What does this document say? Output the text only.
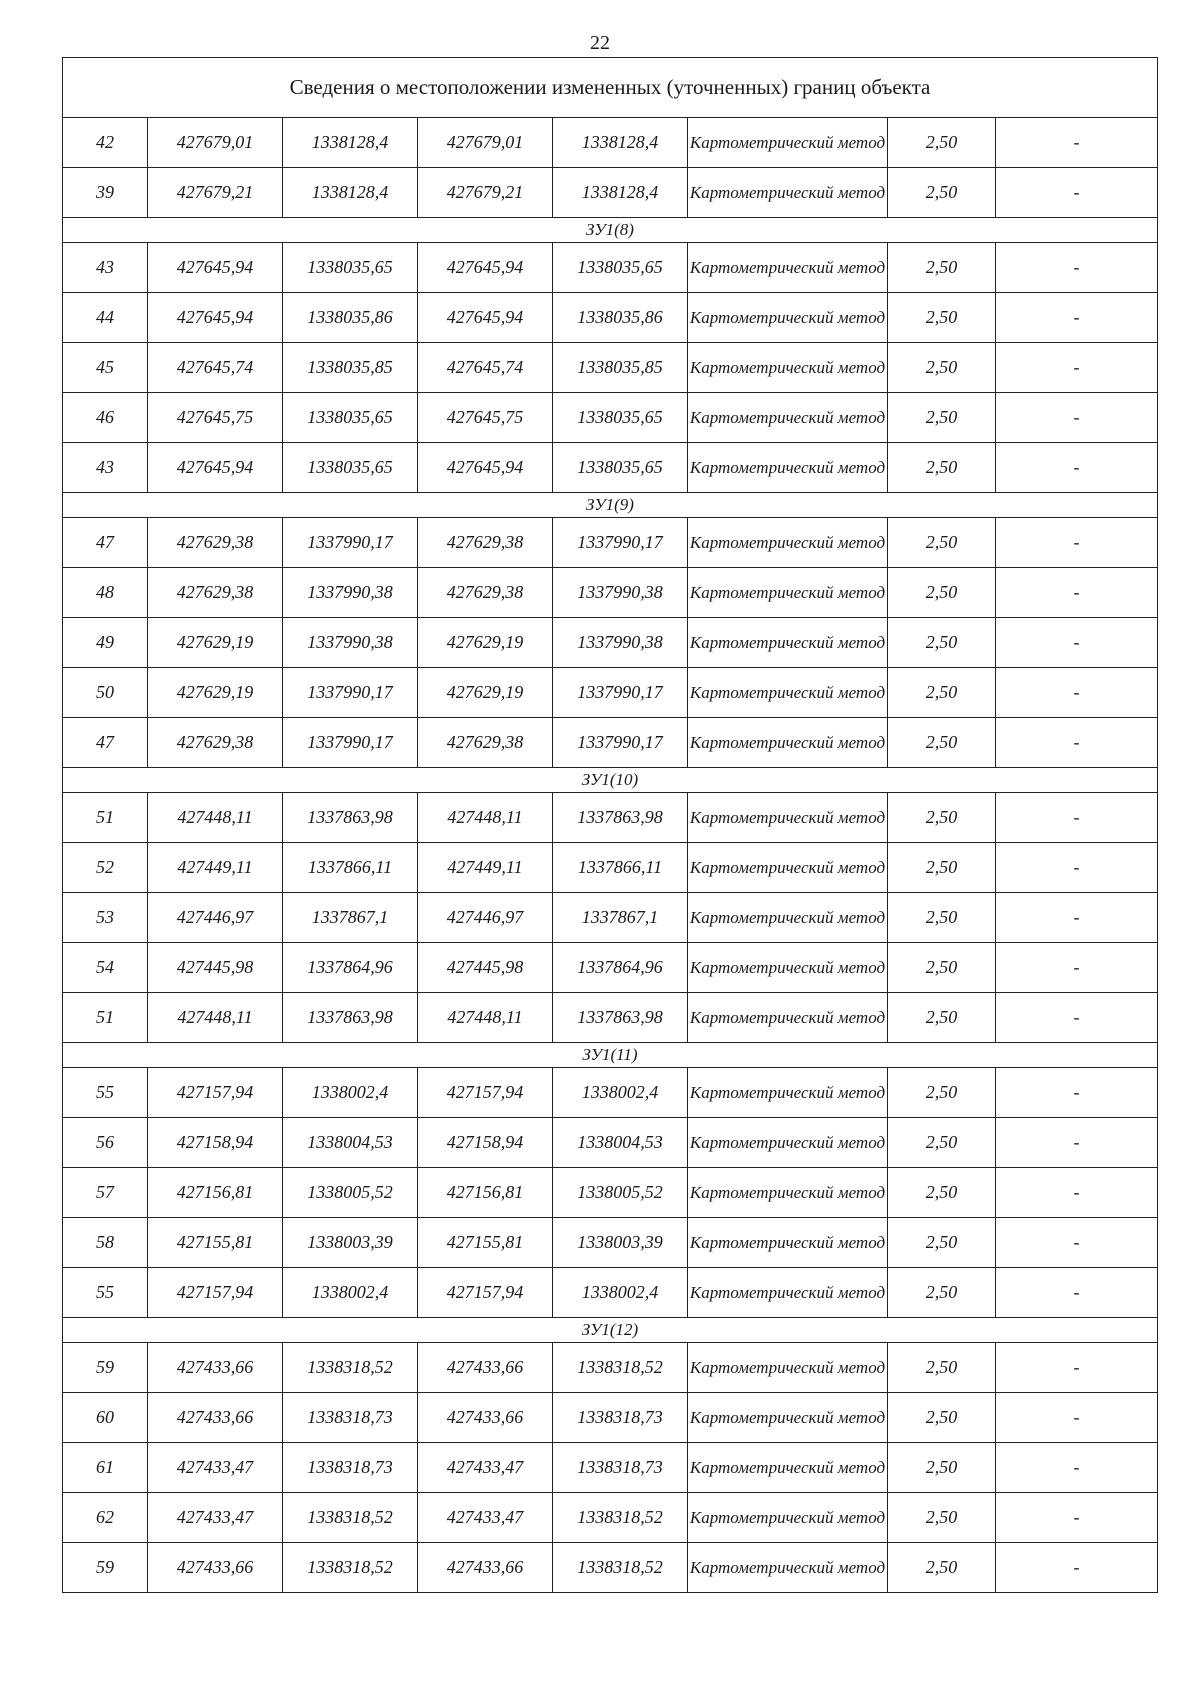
22
Сведения о местоположении измененных (уточненных) границ объекта							
42	427679,01	1338128,4	427679,01	1338128,4	Картометрический метод	2,50	-
39	427679,21	1338128,4	427679,21	1338128,4	Картометрический метод	2,50	-
ЗУ1(8)							
43	427645,94	1338035,65	427645,94	1338035,65	Картометрический метод	2,50	-
44	427645,94	1338035,86	427645,94	1338035,86	Картометрический метод	2,50	-
45	427645,74	1338035,85	427645,74	1338035,85	Картометрический метод	2,50	-
46	427645,75	1338035,65	427645,75	1338035,65	Картометрический метод	2,50	-
43	427645,94	1338035,65	427645,94	1338035,65	Картометрический метод	2,50	-
ЗУ1(9)							
47	427629,38	1337990,17	427629,38	1337990,17	Картометрический метод	2,50	-
48	427629,38	1337990,38	427629,38	1337990,38	Картометрический метод	2,50	-
49	427629,19	1337990,38	427629,19	1337990,38	Картометрический метод	2,50	-
50	427629,19	1337990,17	427629,19	1337990,17	Картометрический метод	2,50	-
47	427629,38	1337990,17	427629,38	1337990,17	Картометрический метод	2,50	-
ЗУ1(10)							
51	427448,11	1337863,98	427448,11	1337863,98	Картометрический метод	2,50	-
52	427449,11	1337866,11	427449,11	1337866,11	Картометрический метод	2,50	-
53	427446,97	1337867,1	427446,97	1337867,1	Картометрический метод	2,50	-
54	427445,98	1337864,96	427445,98	1337864,96	Картометрический метод	2,50	-
51	427448,11	1337863,98	427448,11	1337863,98	Картометрический метод	2,50	-
ЗУ1(11)							
55	427157,94	1338002,4	427157,94	1338002,4	Картометрический метод	2,50	-
56	427158,94	1338004,53	427158,94	1338004,53	Картометрический метод	2,50	-
57	427156,81	1338005,52	427156,81	1338005,52	Картометрический метод	2,50	-
58	427155,81	1338003,39	427155,81	1338003,39	Картометрический метод	2,50	-
55	427157,94	1338002,4	427157,94	1338002,4	Картометрический метод	2,50	-
ЗУ1(12)							
59	427433,66	1338318,52	427433,66	1338318,52	Картометрический метод	2,50	-
60	427433,66	1338318,73	427433,66	1338318,73	Картометрический метод	2,50	-
61	427433,47	1338318,73	427433,47	1338318,73	Картометрический метод	2,50	-
62	427433,47	1338318,52	427433,47	1338318,52	Картометрический метод	2,50	-
59	427433,66	1338318,52	427433,66	1338318,52	Картометрический метод	2,50	-
